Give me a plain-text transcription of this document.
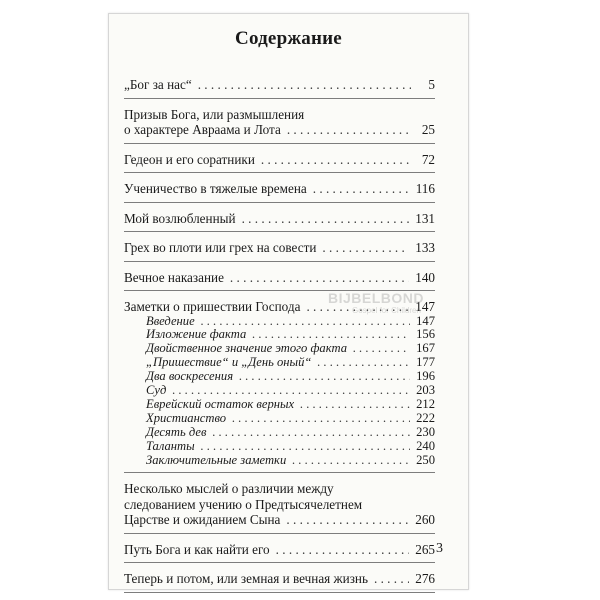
Содержание
„Бог за нас“ . . .	5
Призыв Бога, или размышления
о характере Авраама и Лота . . .	25
Гедеон и его соратники . . .	72
Ученичество в тяжелые времена . . .	116
Мой возлюбленный . . .	131
Грех во плоти или грех на совести . . .	133
Вечное наказание . . .	140
Заметки о пришествии Господа . . .	147
Введение . . .	147
Изложение факта . . .	156
Двойственное значение этого факта . . .	167
„Пришествие“ и „День оный“ . . .	177
Два воскресения . . .	196
Суд . . .	203
Еврейский остаток верных . . .	212
Христианство . . .	222
Десять дев . . .	230
Таланты . . .	240
Заключительные заметки . . .	250
Несколько мыслей о различии между
следованием учению о Предтысячелетнем
Царстве и ожиданием Сына . . .	260
Путь Бога и как найти его . . .	265
Теперь и потом, или земная и вечная жизнь . . .	276
3
BIJBELBOND
Gospel for Children
